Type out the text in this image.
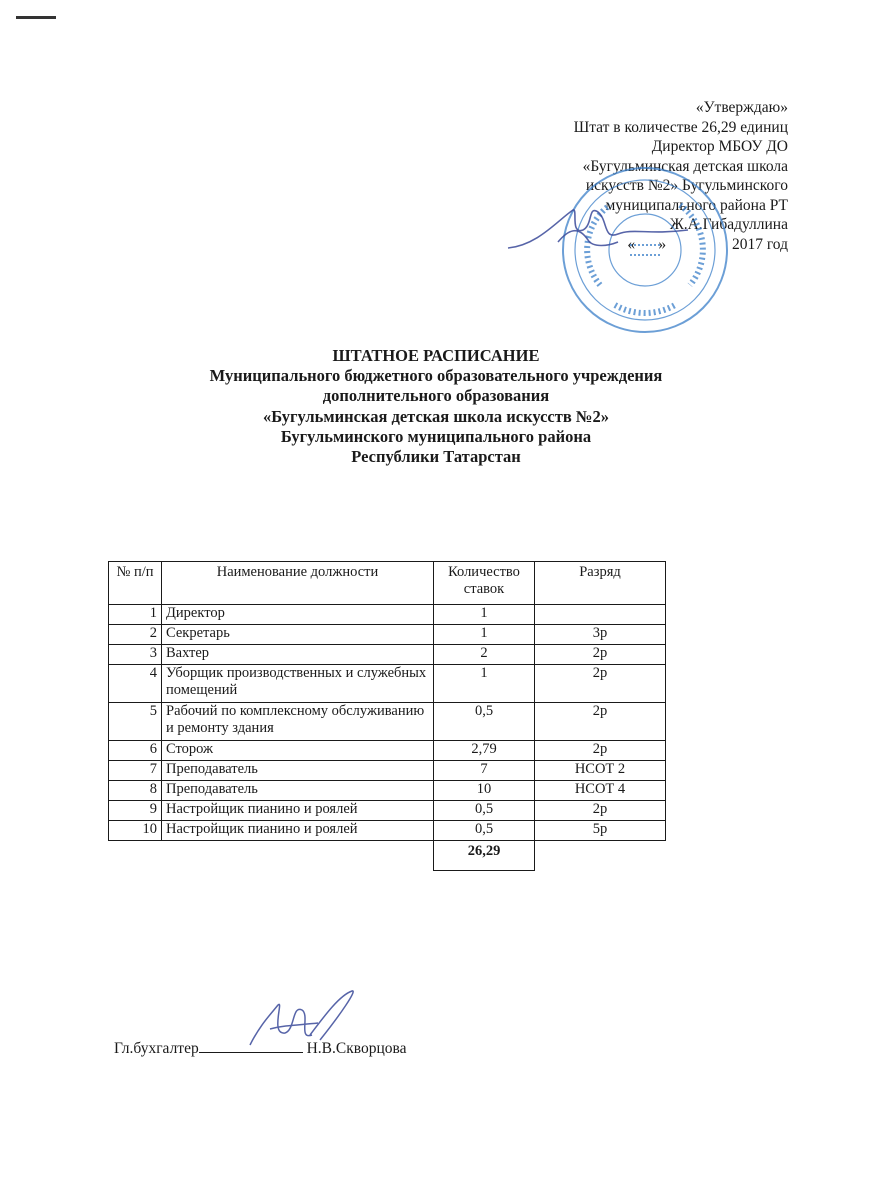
«Утверждаю»
Штат в количестве 26,29 единиц
Директор МБОУ ДО
«Бугульминская детская школа
искусств №2» Бугульминского
муниципального района РТ
Ж.А.Гибадуллина
«      »                 2017 год
ШТАТНОЕ РАСПИСАНИЕ
Муниципального бюджетного образовательного учреждения
дополнительного образования
«Бугульминская детская школа искусств №2»
Бугульминского муниципального района
Республики Татарстан
№ п/п	Наименование должности	Количество ставок	Разряд
1	Директор	1	
2	Секретарь	1	3р
3	Вахтер	2	2р
4	Уборщик производственных и служебных помещений	1	2р
5	Рабочий по комплексному обслуживанию и ремонту здания	0,5	2р
6	Сторож	2,79	2р
7	Преподаватель	7	НСОТ 2
8	Преподаватель	10	НСОТ 4
9	Настройщик пианино и роялей	0,5	2р
10	Настройщик пианино и роялей	0,5	5р
		26,29	
Гл.бухгалтер	Н.В.Скворцова
